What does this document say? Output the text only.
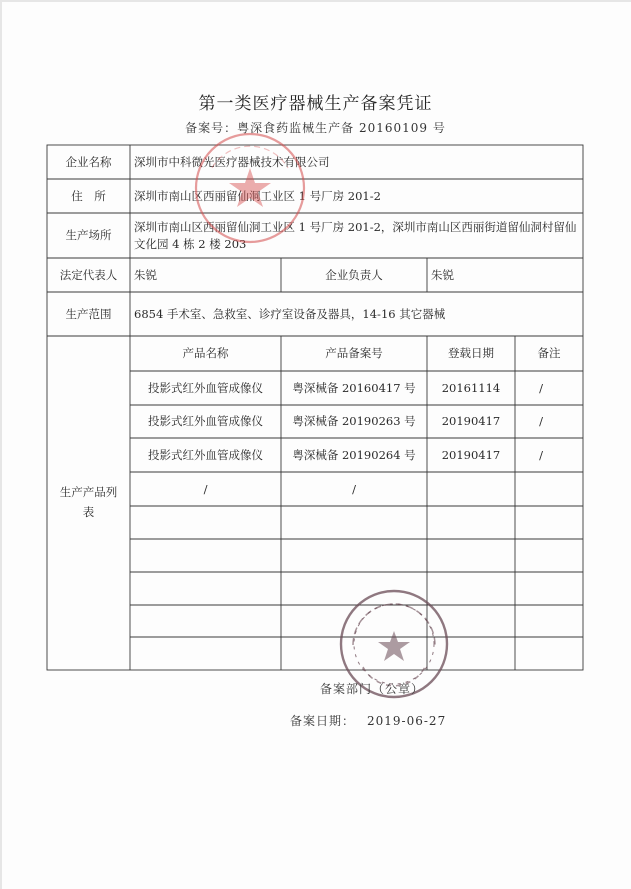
第一类医疗器械生产备案凭证
备案号：粤深食药监械生产备 20160109 号
企业名称	深圳市中科微光医疗器械技术有限公司
住　所	深圳市南山区西丽留仙洞工业区 1 号厂房 201-2
生产场所
深圳市南山区西丽留仙洞工业区 1 号厂房 201-2，深圳市南山区西丽街道留仙洞村留仙文化园 4 栋 2 楼 203
法定代表人	朱锐	企业负责人	朱锐
生产范围	6854 手术室、急救室、诊疗室设备及器具，14-16 其它器械
生产产品列表
产品名称	产品备案号	登载日期	备注
投影式红外血管成像仪	粤深械备 20160417 号	20161114	/
投影式红外血管成像仪	粤深械备 20190263 号	20190417	/
投影式红外血管成像仪	粤深械备 20190264 号	20190417	/
/	/
备案部门（公章）
备案日期： 2019-06-27
